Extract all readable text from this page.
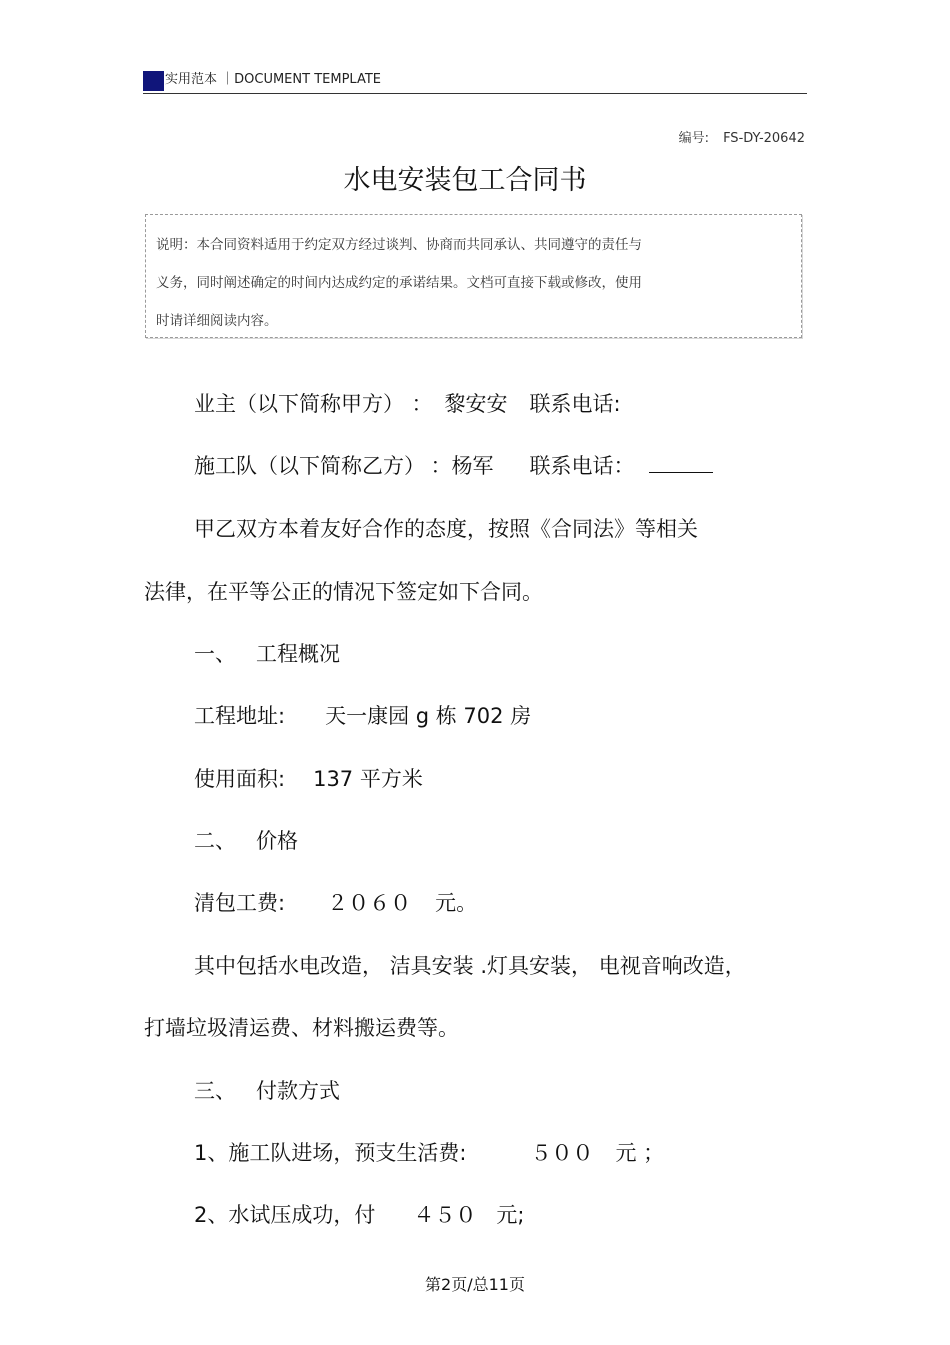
实用范本 ｜DOCUMENT TEMPLATE
编号: FS-DY-20642
水电安装包工合同书
说明：本合同资料适用于约定双方经过谈判、协商而共同承认、共同遵守的责任与
义务，同时阐述确定的时间内达成约定的承诺结果。文档可直接下载或修改，使用
时请详细阅读内容。
业主（以下简称甲方） ： 黎安安 联系电话:
施工队（以下简称乙方） ：杨军 联系电话：
甲乙双方本着友好合作的态度，按照《合同法》等相关
法律，在平等公正的情况下签定如下合同。
一、 工程概况
工程地址: 天一康园 g 栋 702 房
使用面积: 137 平方米
二、 价格
清包工费: ２０６０ 元。
其中包括水电改造， 洁具安装 .灯具安装， 电视音响改造，
打墙垃圾清运费、材料搬运费等。
三、 付款方式
1、施工队进场，预支生活费:	５００ 元 ；
2、水试压成功，付 ４５０ 元;
第2页/总11页
